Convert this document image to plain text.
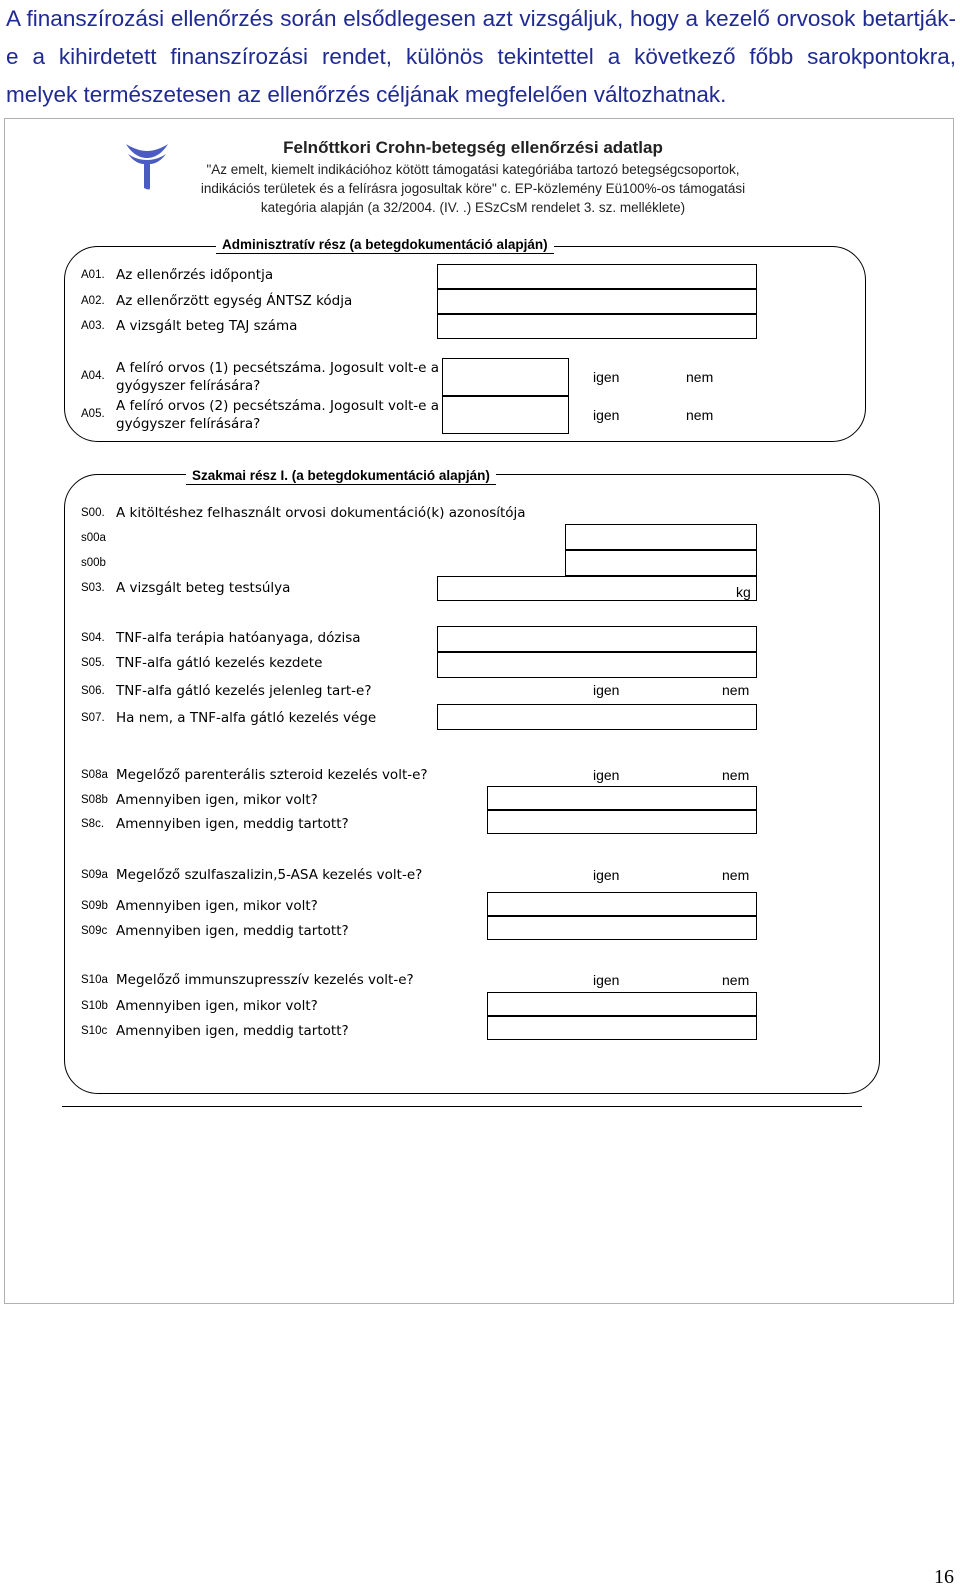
A finanszírozási ellenőrzés során elsődlegesen azt vizsgáljuk, hogy a kezelő orvosok betartják-e a kihirdetett finanszírozási rendet, különös tekintettel a következő főbb sarokpontokra, melyek természetesen az ellenőrzés céljának megfelelően változhatnak.
Felnőttkori Crohn-betegség ellenőrzési adatlap
"Az emelt, kiemelt indikációhoz kötött támogatási kategóriába tartozó betegségcsoportok, indikációs területek és a felírásra jogosultak köre" c. EP-közlemény Eü100%-os támogatási kategória alapján (a 32/2004. (IV. .) ESzCsM rendelet 3. sz. melléklete)
Adminisztratív rész (a betegdokumentáció alapján)
A01. Az ellenőrzés időpontja
A02. Az ellenőrzött egység ÁNTSZ kódja
A03. A vizsgált beteg TAJ száma
A04. A felíró orvos (1) pecsétszáma. Jogosult volt-e a gyógyszer felírására?
igen	nem
A05. A felíró orvos (2) pecsétszáma. Jogosult volt-e a gyógyszer felírására?
igen	nem
Szakmai rész I. (a betegdokumentáció alapján)
S00. A kitöltéshez felhasznált orvosi dokumentáció(k) azonosítója
s00a
s00b
S03. A vizsgált beteg testsúlya	kg
S04. TNF-alfa terápia hatóanyaga, dózisa
S05. TNF-alfa gátló kezelés kezdete
S06. TNF-alfa gátló kezelés jelenleg tart-e?	igen	nem
S07. Ha nem, a TNF-alfa gátló kezelés vége
S08a Megelőző parenterális szteroid kezelés volt-e?	igen	nem
S08b Amennyiben igen, mikor volt?
S8c. Amennyiben igen, meddig tartott?
S09a Megelőző szulfaszalizin,5-ASA kezelés volt-e?	igen	nem
S09b Amennyiben igen, mikor volt?
S09c Amennyiben igen, meddig tartott?
S10a Megelőző immunszupresszív kezelés volt-e?	igen	nem
S10b Amennyiben igen, mikor volt?
S10c Amennyiben igen, meddig tartott?
16
